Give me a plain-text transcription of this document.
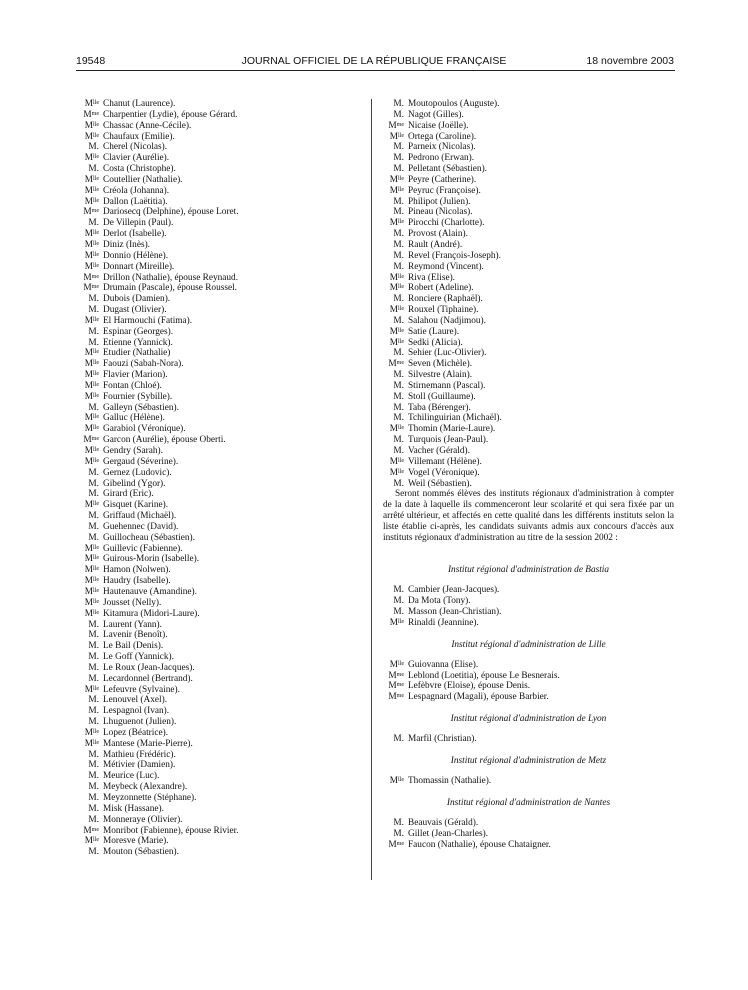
19548	JOURNAL OFFICIEL DE LA RÉPUBLIQUE FRANÇAISE	18 novembre 2003
$M^{lle}$ Chanut (Laurence).
$M^{me}$ Charpentier (Lydie), épouse Gérard.
$M^{lle}$ Chassac (Anne-Cécile).
$M^{lle}$ Chaufaux (Emilie).
M. Cherel (Nicolas).
$M^{lle}$ Clavier (Aurélie).
M. Costa (Christophe).
$M^{lle}$ Coutellier (Nathalie).
$M^{lle}$ Créola (Johanna).
$M^{lle}$ Dallon (Laëtitia).
$M^{me}$ Dariosecq (Delphine), épouse Loret.
M. De Villepin (Paul).
$M^{lle}$ Derlot (Isabelle).
$M^{lle}$ Diniz (Inès).
$M^{lle}$ Donnio (Hélène).
$M^{lle}$ Donnart (Mireille).
$M^{me}$ Drillon (Nathalie), épouse Reynaud.
$M^{me}$ Drumain (Pascale), épouse Roussel.
M. Dubois (Damien).
M. Dugast (Olivier).
$M^{lle}$ El Harmouchi (Fatima).
M. Espinar (Georges).
M. Etienne (Yannick).
$M^{lle}$ Etudier (Nathalie)
$M^{lle}$ Faouzi (Sabah-Nora).
$M^{lle}$ Flavier (Marion).
$M^{lle}$ Fontan (Chloé).
$M^{lle}$ Fournier (Sybille).
M. Galleyn (Sébastien).
$M^{lle}$ Galluc (Hélène).
$M^{lle}$ Garabiol (Véronique).
$M^{me}$ Garcon (Aurélie), épouse Oberti.
$M^{lle}$ Gendry (Sarah).
$M^{lle}$ Gergaud (Séverine).
M. Gernez (Ludovic).
M. Gibelind (Ygor).
M. Girard (Eric).
$M^{lle}$ Gisquet (Karine).
M. Griffaud (Michaël).
M. Guehennec (David).
M. Guillocheau (Sébastien).
$M^{lle}$ Guillevic (Fabienne).
$M^{lle}$ Guirous-Morin (Isabelle).
$M^{lle}$ Hamon (Nolwen).
$M^{lle}$ Haudry (Isabelle).
$M^{lle}$ Hautenauve (Amandine).
$M^{lle}$ Jousset (Nelly).
$M^{lle}$ Kitamura (Midori-Laure).
M. Laurent (Yann).
M. Lavenir (Benoît).
M. Le Bail (Denis).
M. Le Goff (Yannick).
M. Le Roux (Jean-Jacques).
M. Lecardonnel (Bertrand).
$M^{lle}$ Lefeuvre (Sylvaine).
M. Lenouvel (Axel).
M. Lespagnol (Ivan).
M. Lhuguenot (Julien).
$M^{lle}$ Lopez (Béatrice).
$M^{lle}$ Mantese (Marie-Pierre).
M. Mathieu (Frédéric).
M. Métivier (Damien).
M. Meurice (Luc).
M. Meybeck (Alexandre).
M. Meyzonnette (Stéphane).
M. Misk (Hassane).
M. Monneraye (Olivier).
$M^{me}$ Monribot (Fabienne), épouse Rivier.
$M^{lle}$ Moresve (Marie).
M. Mouton (Sébastien).
M. Moutopoulos (Auguste).
M. Nagot (Gilles).
$M^{me}$ Nicaise (Joëlle).
$M^{lle}$ Ortega (Caroline).
M. Parneix (Nicolas).
M. Pedrono (Erwan).
M. Pelletant (Sébastien).
$M^{lle}$ Peyre (Catherine).
$M^{lle}$ Peyruc (Françoise).
M. Philipot (Julien).
M. Pineau (Nicolas).
$M^{lle}$ Pirocchi (Charlotte).
M. Provost (Alain).
M. Rault (André).
M. Revel (François-Joseph).
M. Reymond (Vincent).
$M^{lle}$ Riva (Elise).
$M^{lle}$ Robert (Adeline).
M. Ronciere (Raphaël).
$M^{lle}$ Rouxel (Tiphaine).
M. Salahou (Nadjimou).
$M^{lle}$ Satie (Laure).
$M^{lle}$ Sedki (Alicia).
M. Sehier (Luc-Olivier).
$M^{me}$ Seven (Michèle).
M. Silvestre (Alain).
M. Stirnemann (Pascal).
M. Stoll (Guillaume).
M. Taba (Bérenger).
M. Tchilinguirian (Michaël).
$M^{lle}$ Thomin (Marie-Laure).
M. Turquois (Jean-Paul).
M. Vacher (Gérald).
$M^{lle}$ Villemant (Hélène).
$M^{lle}$ Vogel (Véronique).
M. Weil (Sébastien).

Seront nommés élèves des instituts régionaux d'administration à compter de la date à laquelle ils commenceront leur scolarité et qui sera fixée par un arrêté ultérieur, et affectés en cette qualité dans les différents instituts selon la liste établie ci-après, les candidats suivants admis aux concours d'accès aux instituts régionaux d'administration au titre de la session 2002 :

Institut régional d'administration de Bastia
M. Cambier (Jean-Jacques).
M. Da Mota (Tony).
M. Masson (Jean-Christian).
$M^{lle}$ Rinaldi (Jeannine).
Institut régional d'administration de Lille
$M^{lle}$ Guiovanna (Elise).
$M^{me}$ Leblond (Loetitia), épouse Le Besnerais.
$M^{me}$ Lefèbvre (Eloise), épouse Denis.
$M^{me}$ Lespagnard (Magali), épouse Barbier.
Institut régional d'administration de Lyon
M. Marfil (Christian).
Institut régional d'administration de Metz
$M^{lle}$ Thomassin (Nathalie).
Institut régional d'administration de Nantes
M. Beauvais (Gérald).
M. Gillet (Jean-Charles).
$M^{me}$ Faucon (Nathalie), épouse Chataigner.
